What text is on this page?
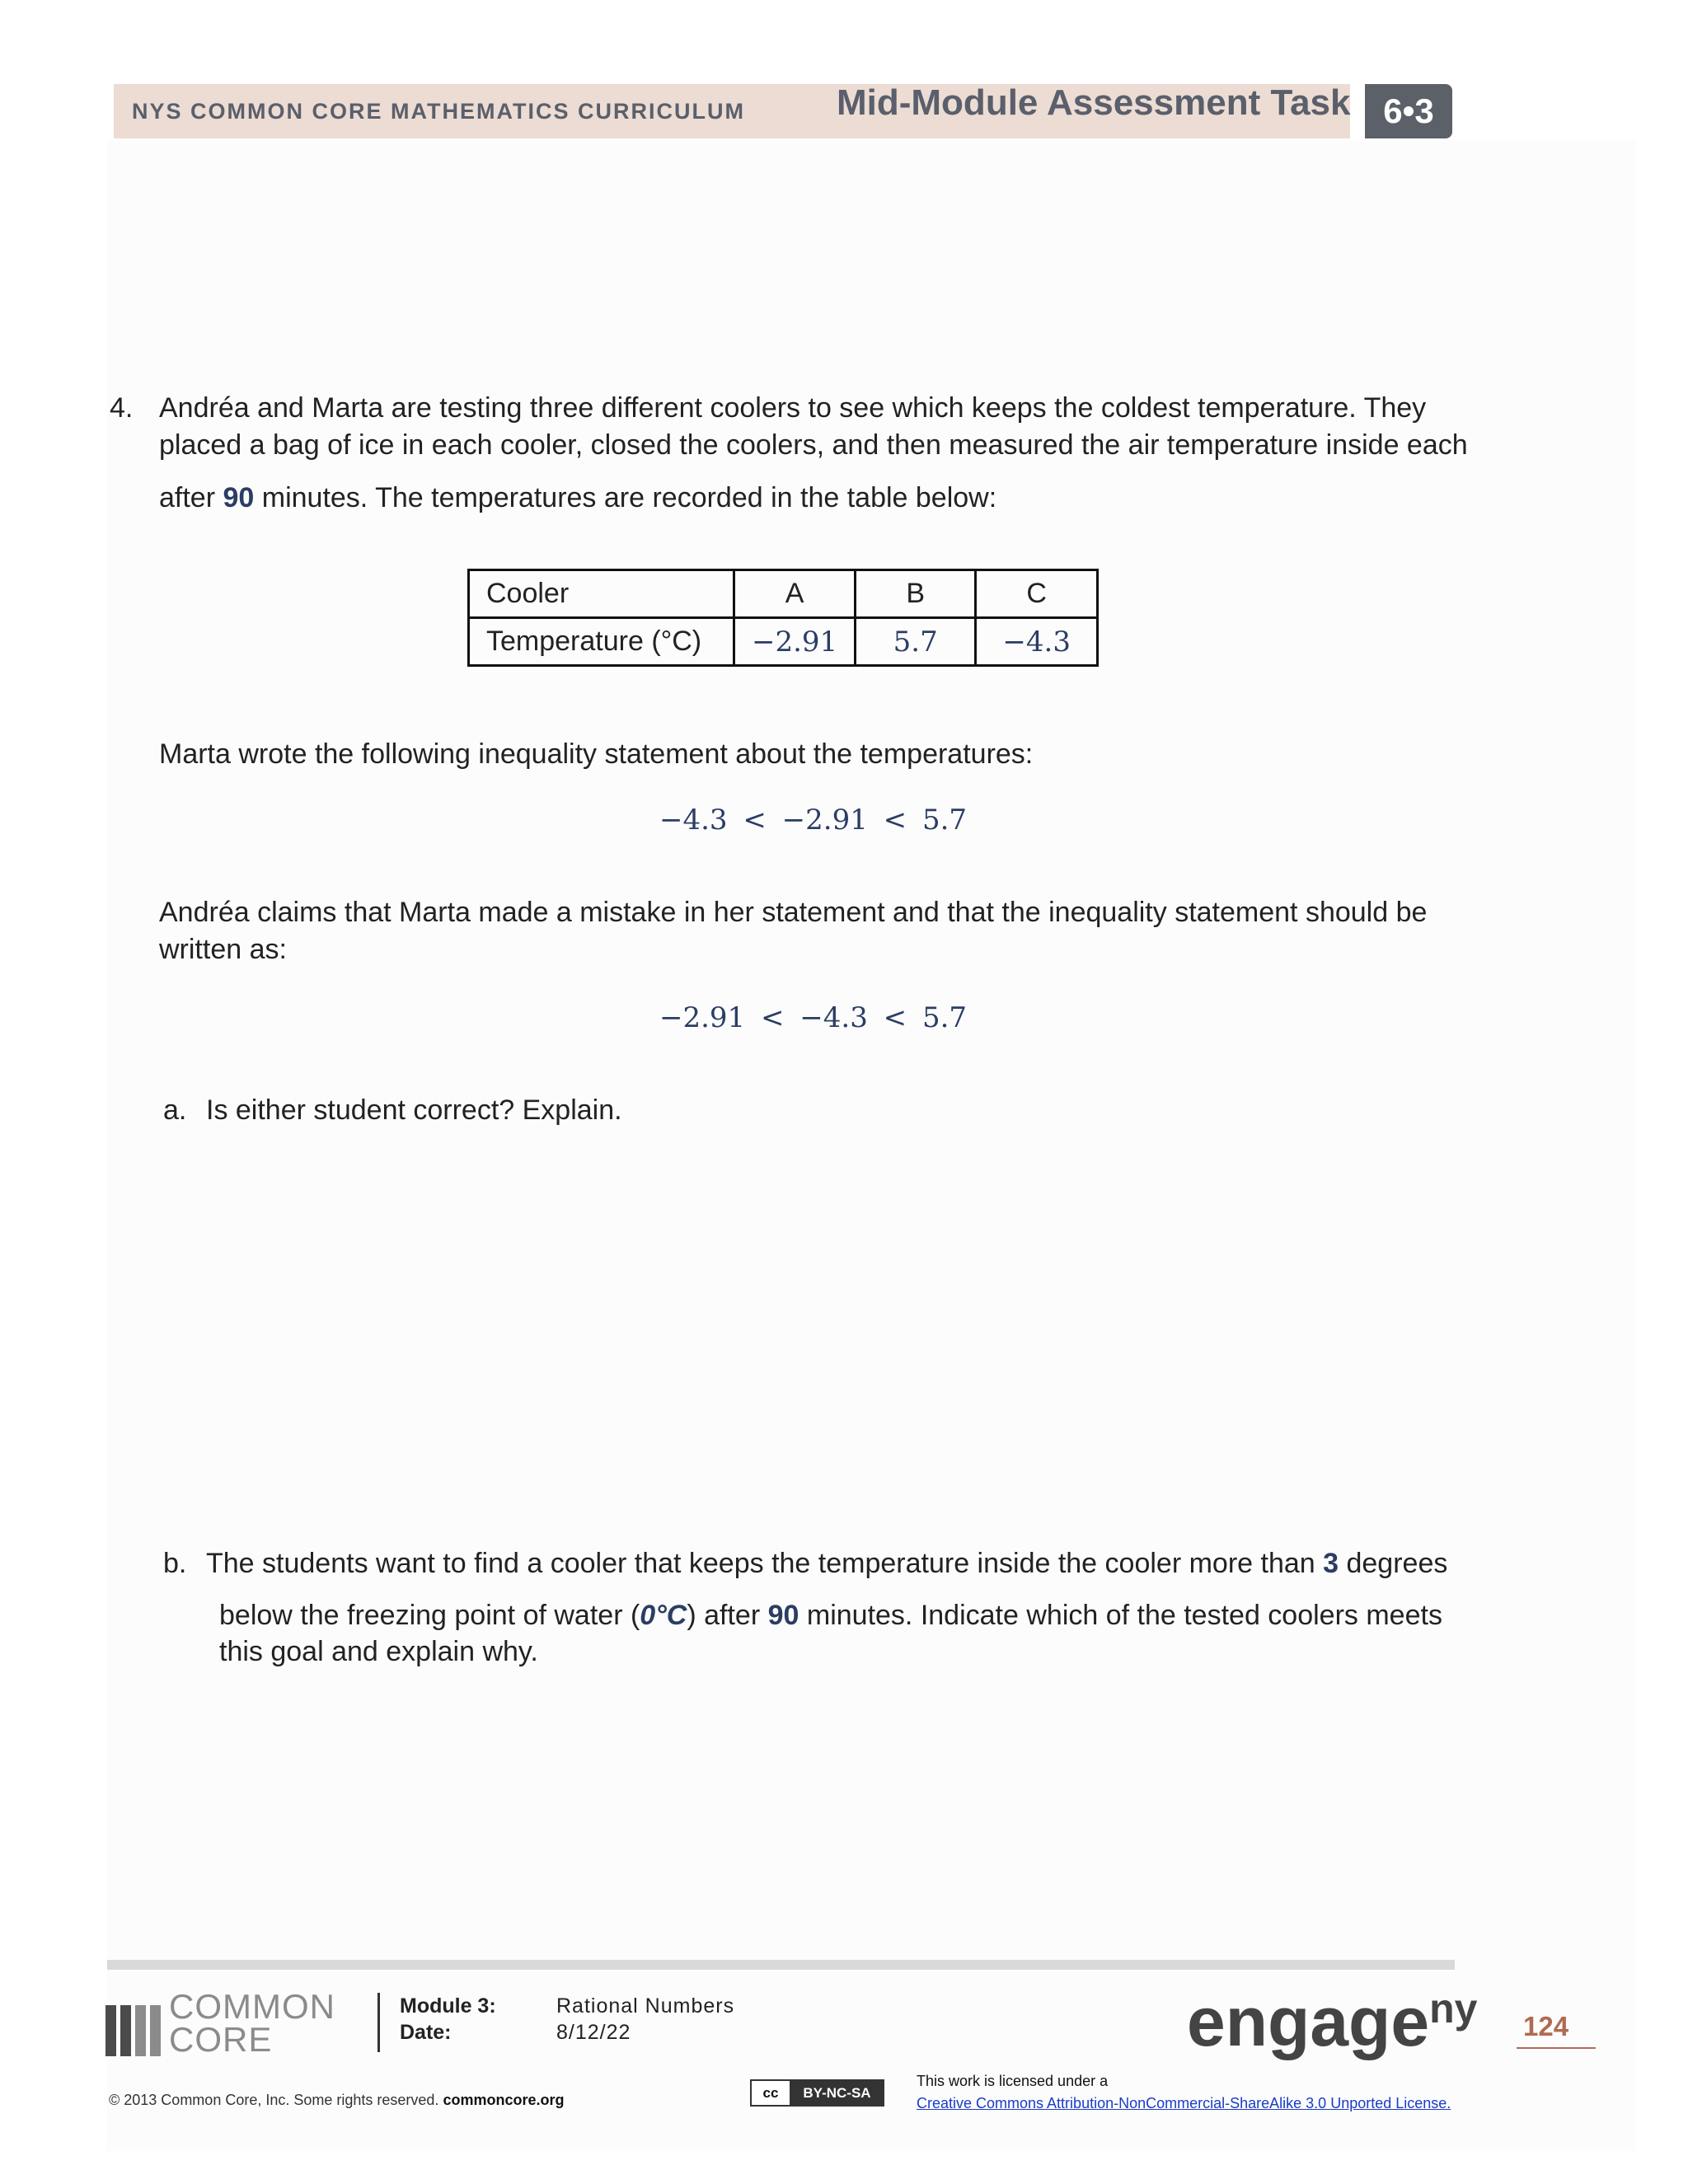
NYS COMMON CORE MATHEMATICS CURRICULUM	Mid-Module Assessment Task 6•3
4. Andréa and Marta are testing three different coolers to see which keeps the coldest temperature. They
placed a bag of ice in each cooler, closed the coolers, and then measured the air temperature inside each
after 90 minutes. The temperatures are recorded in the table below:
Cooler	A	B	C
Temperature (°C)	−2.91	5.7	−4.3
Marta wrote the following inequality statement about the temperatures:
−4.3 < −2.91 < 5.7
Andréa claims that Marta made a mistake in her statement and that the inequality statement should be
written as:
−2.91 < −4.3 < 5.7
a. Is either student correct? Explain.
b. The students want to find a cooler that keeps the temperature inside the cooler more than 3 degrees
below the freezing point of water (0°C) after 90 minutes. Indicate which of the tested coolers meets
this goal and explain why.
COMMON
CORE
Module 3:	Rational Numbers
Date:	8/12/22	engage$^{ny}$ 124
© 2013 Common Core, Inc. Some rights reserved. commoncore.org	cc	BY-NC-SA
This work is licensed under a
Creative Commons Attribution-NonCommercial-ShareAlike 3.0 Unported License.
